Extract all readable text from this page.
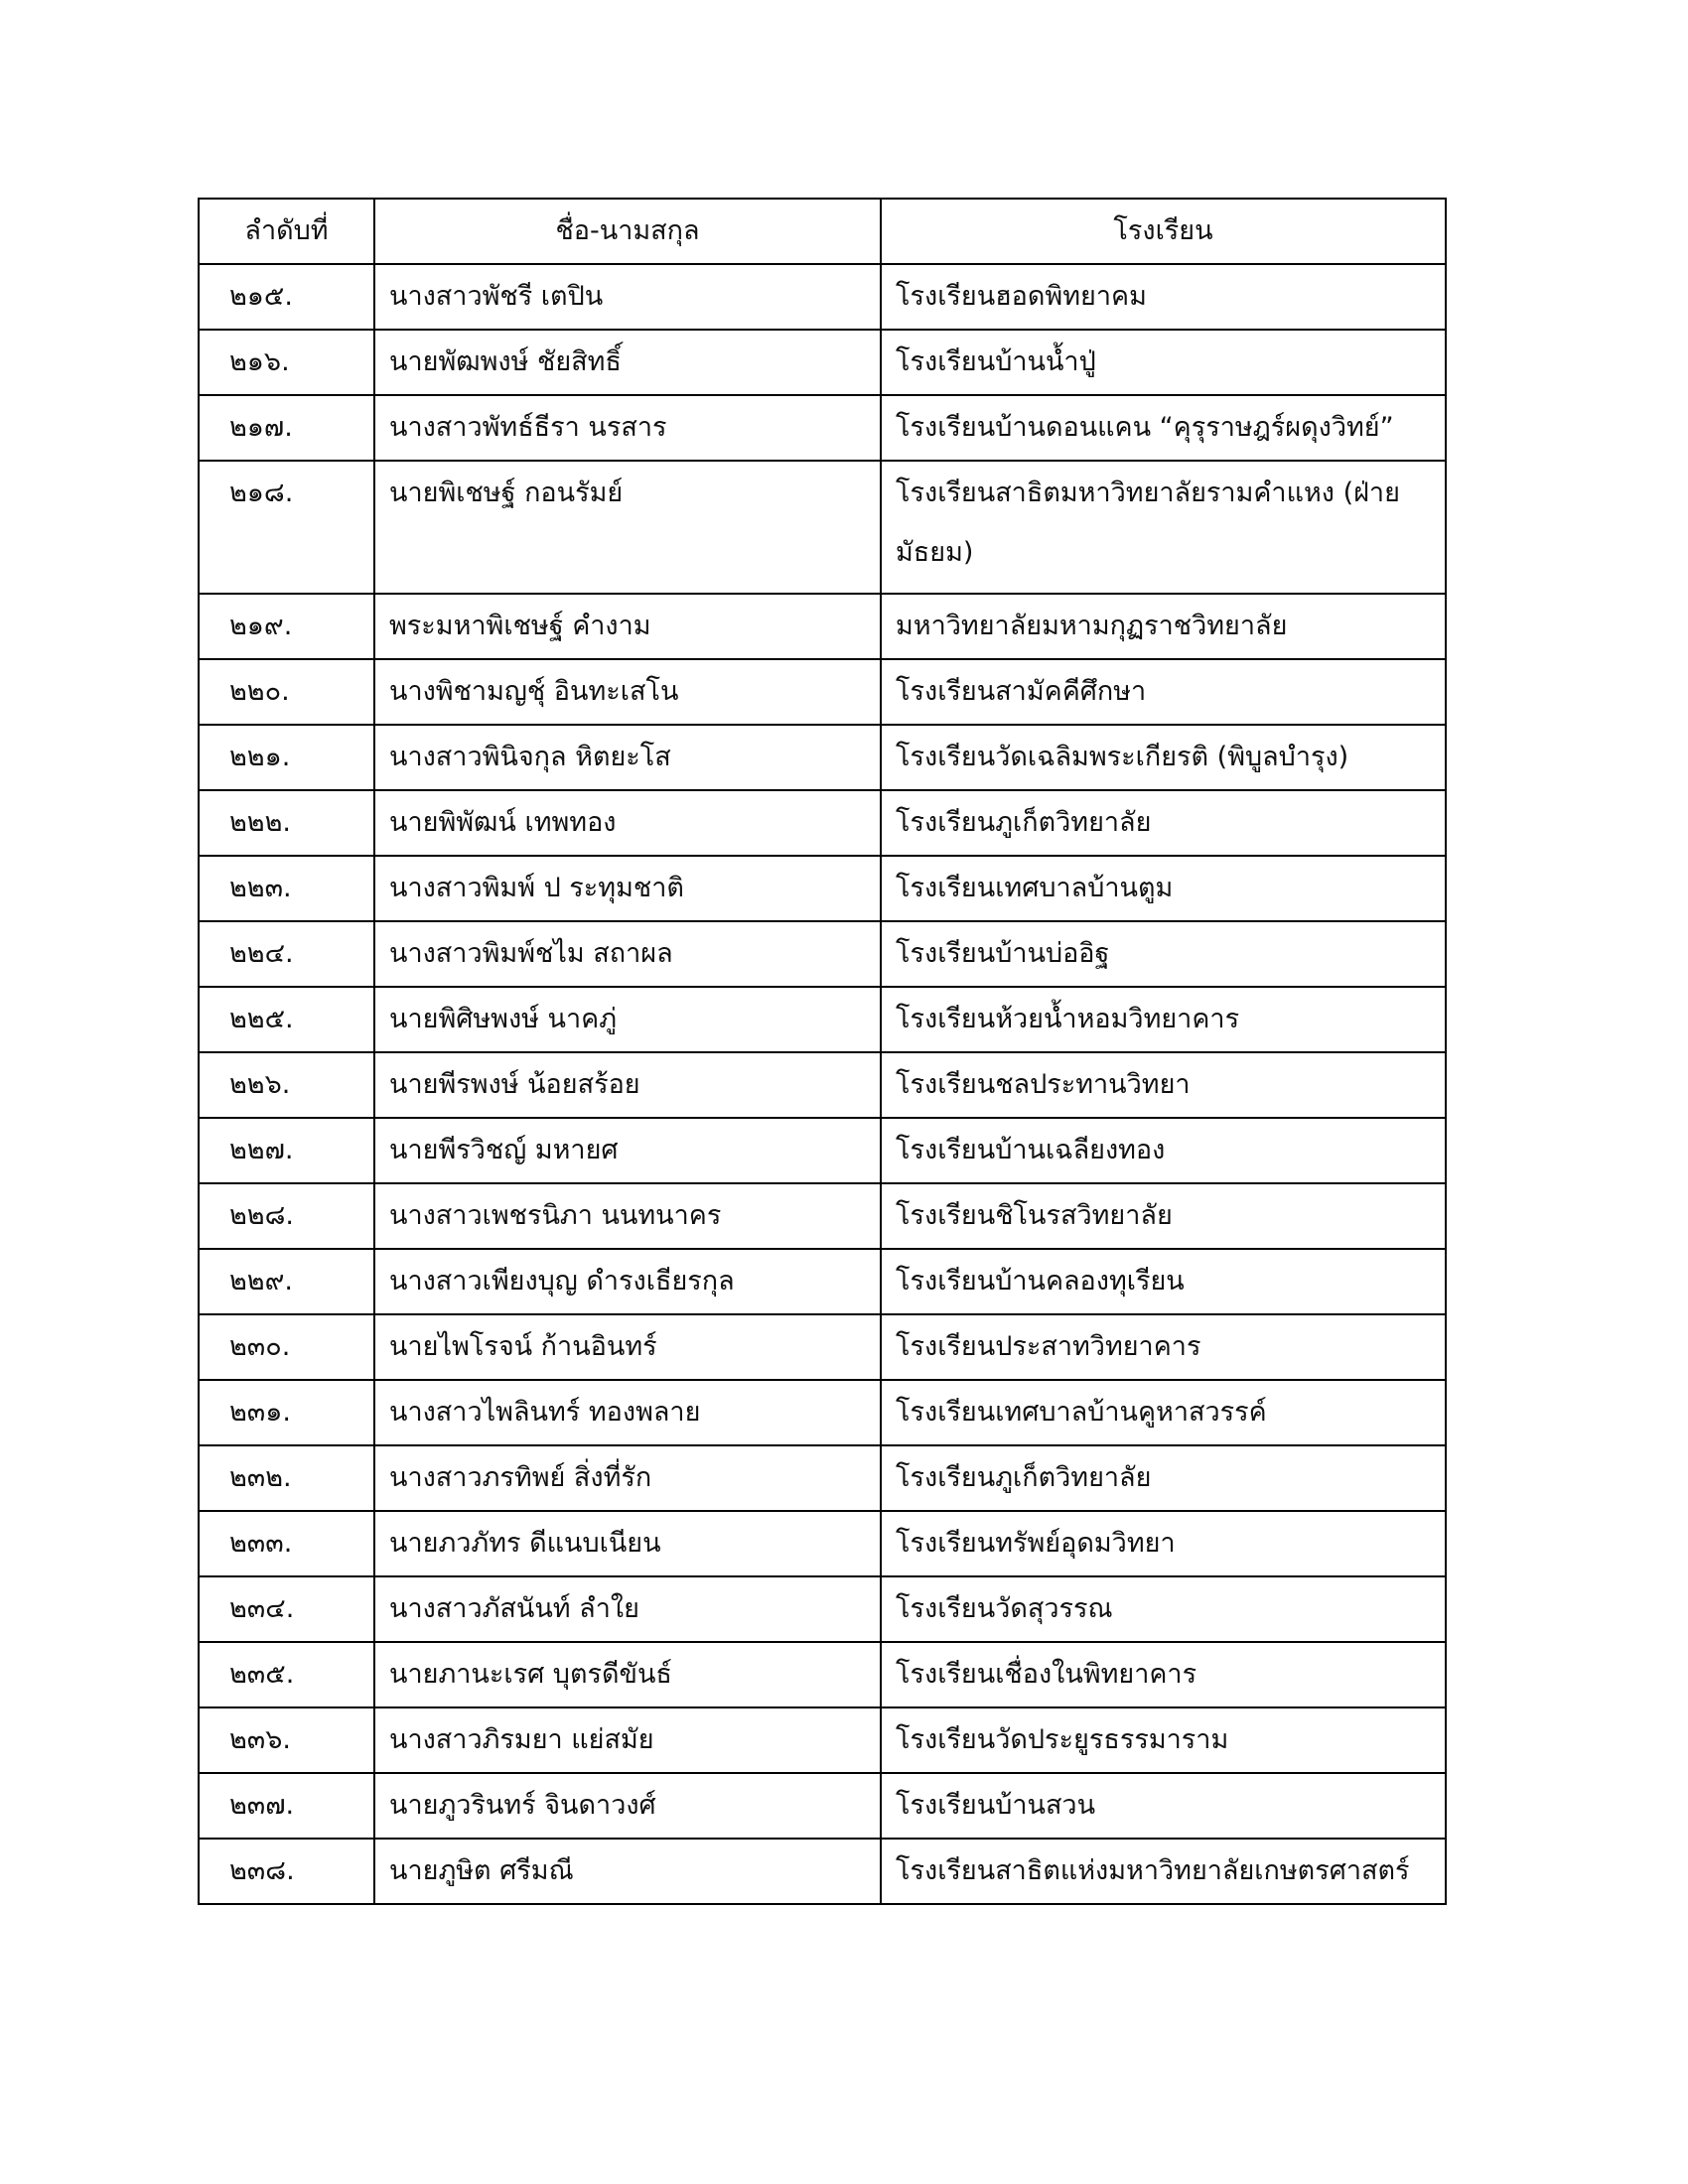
ลำดับที่	ชื่อ-นามสกุล	โรงเรียน
๒๑๕.	นางสาวพัชรี เตปิน	โรงเรียนฮอดพิทยาคม
๒๑๖.	นายพัฒพงษ์ ชัยสิทธิ์	โรงเรียนบ้านน้ำปู่
๒๑๗.	นางสาวพัทธ์ธีรา นรสาร	โรงเรียนบ้านดอนแคน “คุรุราษฎร์ผดุงวิทย์”
๒๑๘.	นายพิเชษฐ์ กอนรัมย์	โรงเรียนสาธิตมหาวิทยาลัยรามคำแหง (ฝ่ายมัธยม)
๒๑๙.	พระมหาพิเชษฐ์ คำงาม	มหาวิทยาลัยมหามกุฏราชวิทยาลัย
๒๒๐.	นางพิชามญชุ์ อินทะเสโน	โรงเรียนสามัคคีศึกษา
๒๒๑.	นางสาวพินิจกุล หิตยะโส	โรงเรียนวัดเฉลิมพระเกียรติ (พิบูลบำรุง)
๒๒๒.	นายพิพัฒน์ เทพทอง	โรงเรียนภูเก็ตวิทยาลัย
๒๒๓.	นางสาวพิมพ์ ป ระทุมชาติ	โรงเรียนเทศบาลบ้านตูม
๒๒๔.	นางสาวพิมพ์ชไม สถาผล	โรงเรียนบ้านบ่ออิฐ
๒๒๕.	นายพิศิษพงษ์ นาคภู่	โรงเรียนห้วยน้ำหอมวิทยาคาร
๒๒๖.	นายพีรพงษ์ น้อยสร้อย	โรงเรียนชลประทานวิทยา
๒๒๗.	นายพีรวิชญ์ มหายศ	โรงเรียนบ้านเฉลียงทอง
๒๒๘.	นางสาวเพชรนิภา นนทนาคร	โรงเรียนชิโนรสวิทยาลัย
๒๒๙.	นางสาวเพียงบุญ ดำรงเธียรกุล	โรงเรียนบ้านคลองทุเรียน
๒๓๐.	นายไพโรจน์ ก้านอินทร์	โรงเรียนประสาทวิทยาคาร
๒๓๑.	นางสาวไพลินทร์ ทองพลาย	โรงเรียนเทศบาลบ้านคูหาสวรรค์
๒๓๒.	นางสาวภรทิพย์ สิ่งที่รัก	โรงเรียนภูเก็ตวิทยาลัย
๒๓๓.	นายภวภัทร ดีแนบเนียน	โรงเรียนทรัพย์อุดมวิทยา
๒๓๔.	นางสาวภัสนันท์ ลำใย	โรงเรียนวัดสุวรรณ
๒๓๕.	นายภานะเรศ บุตรดีขันธ์	โรงเรียนเชื่องในพิทยาคาร
๒๓๖.	นางสาวภิรมยา แย่สมัย	โรงเรียนวัดประยูรธรรมาราม
๒๓๗.	นายภูวรินทร์ จินดาวงศ์	โรงเรียนบ้านสวน
๒๓๘.	นายภูษิต ศรีมณี	โรงเรียนสาธิตแห่งมหาวิทยาลัยเกษตรศาสตร์
